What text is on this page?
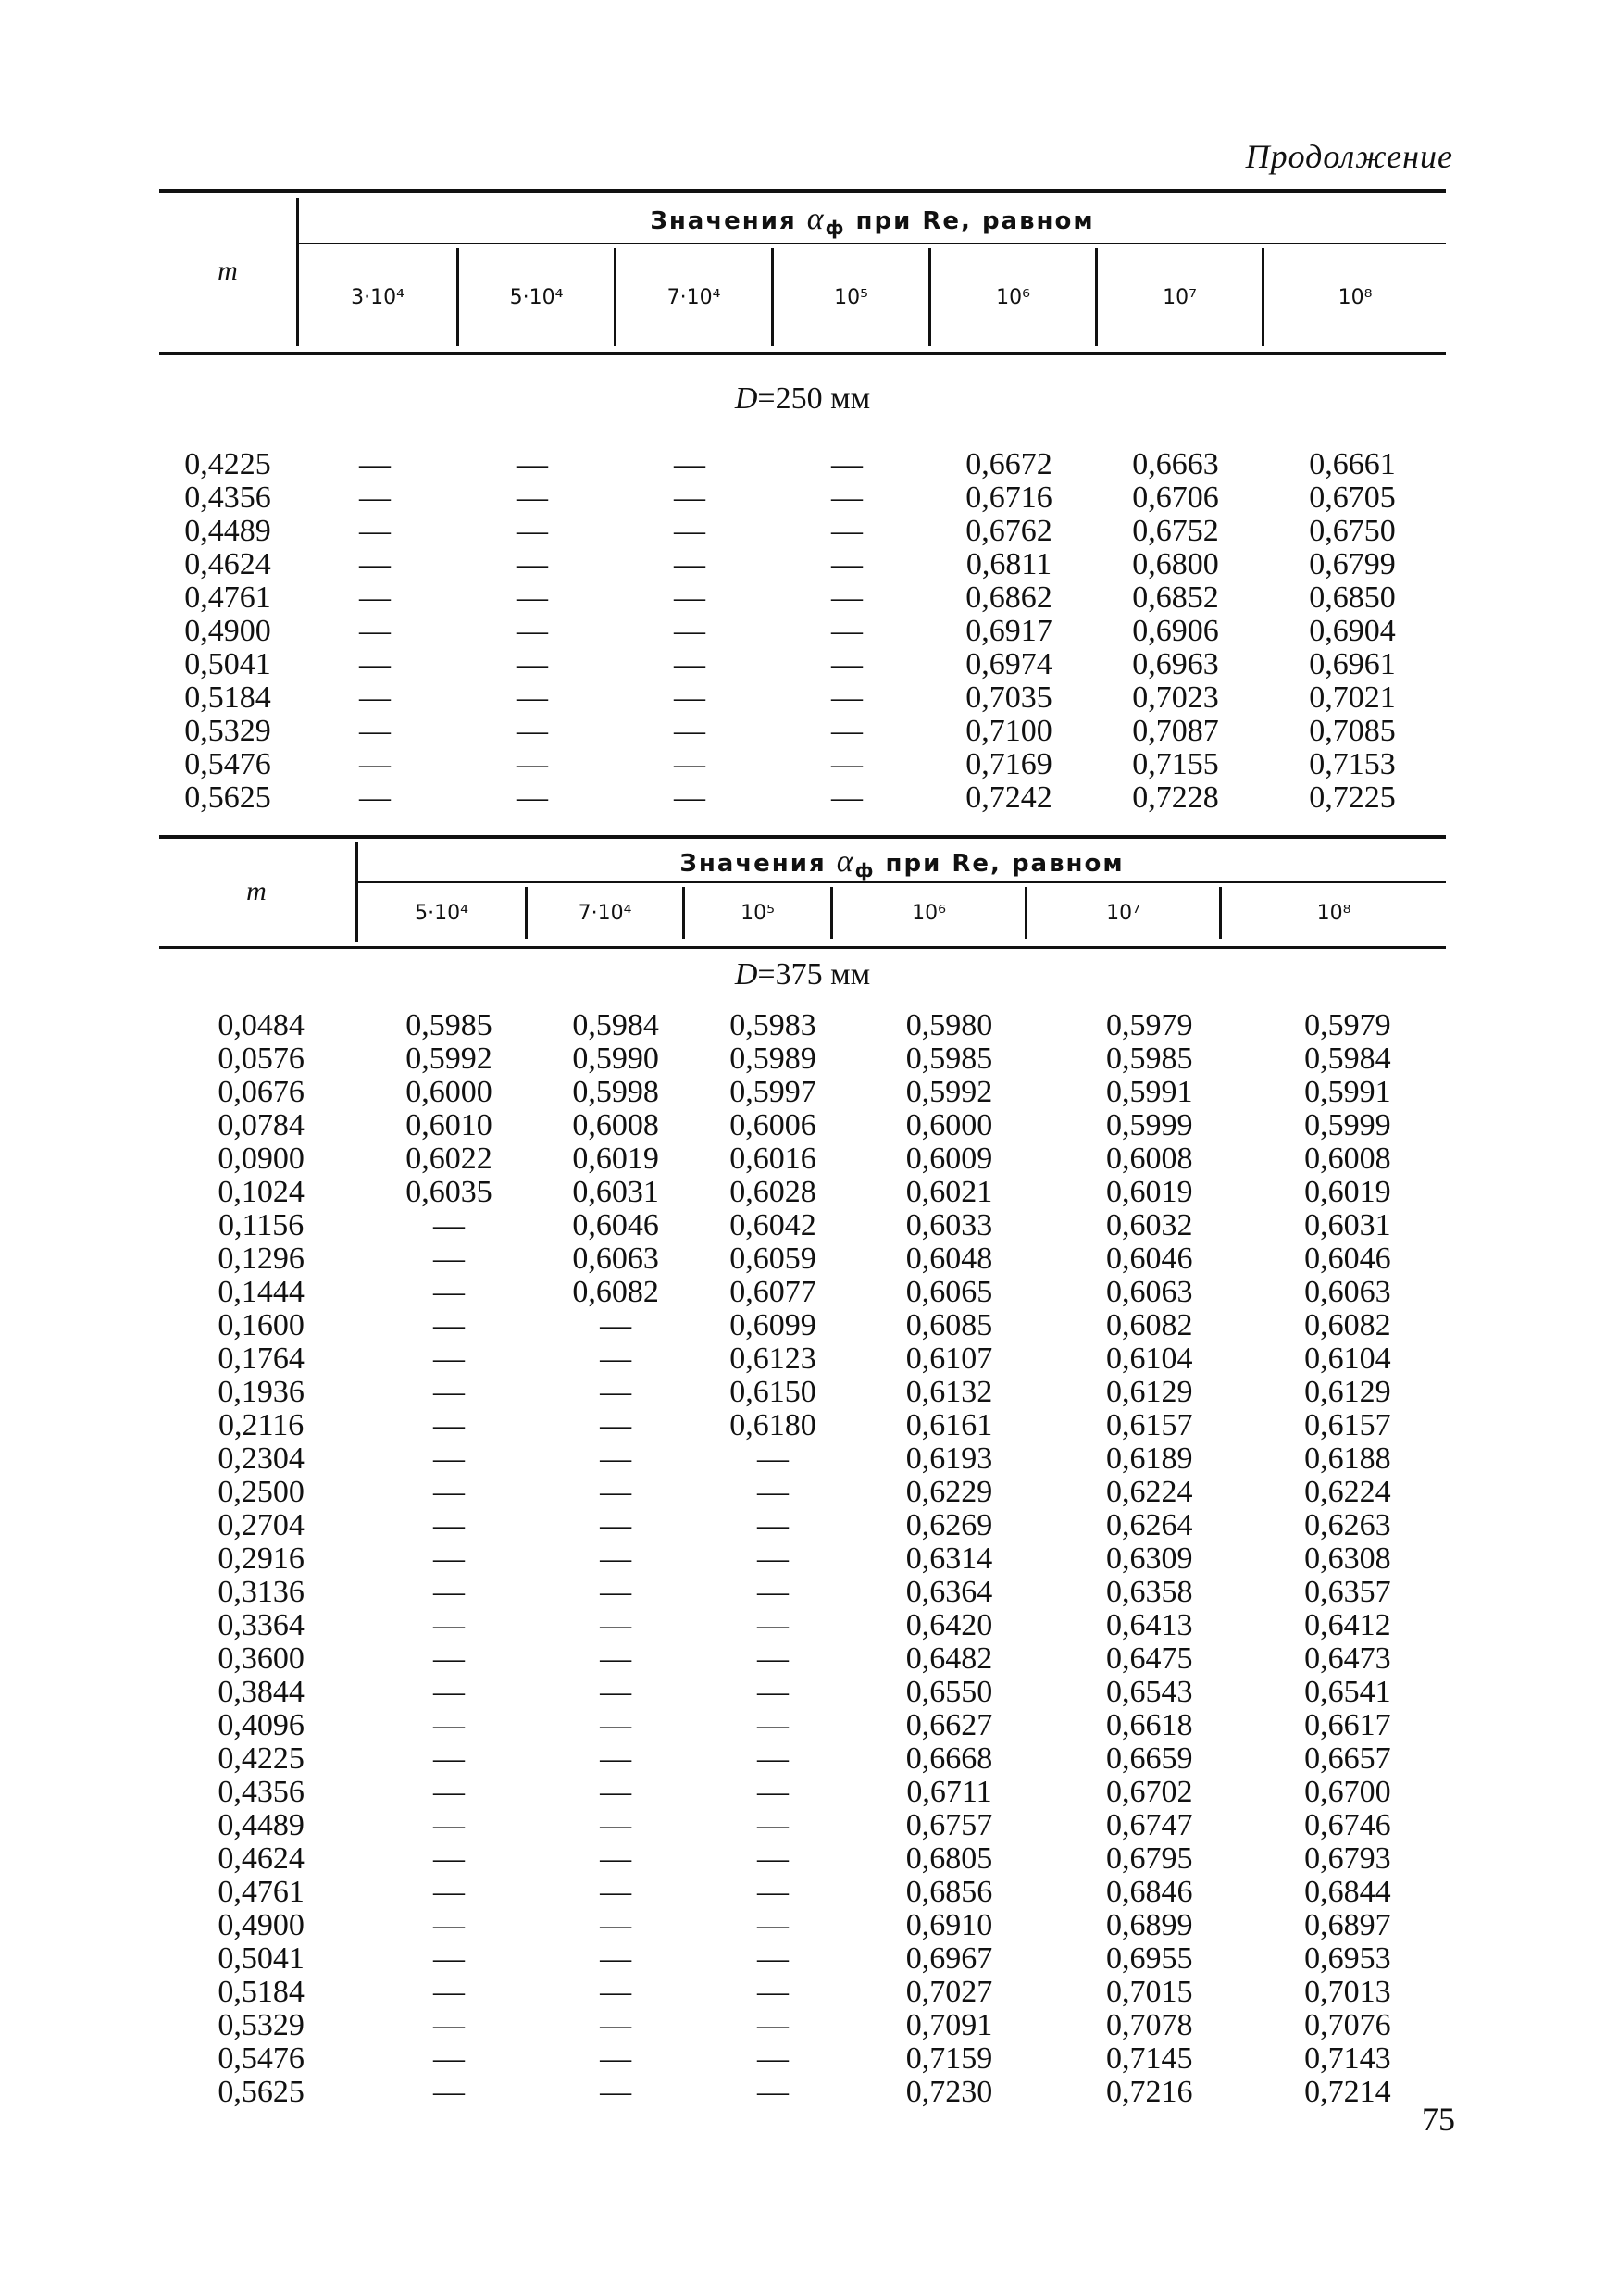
Продолжение
m
Значения $\alpha_ф$ при Re, равном
3·10⁴	5·10⁴	7·10⁴	10⁵	10⁶	10⁷	10⁸
D=250 мм
0,4225	—	—	—	—	0,6672	0,6663	0,6661
0,4356	—	—	—	—	0,6716	0,6706	0,6705
0,4489	—	—	—	—	0,6762	0,6752	0,6750
0,4624	—	—	—	—	0,6811	0,6800	0,6799
0,4761	—	—	—	—	0,6862	0,6852	0,6850
0,4900	—	—	—	—	0,6917	0,6906	0,6904
0,5041	—	—	—	—	0,6974	0,6963	0,6961
0,5184	—	—	—	—	0,7035	0,7023	0,7021
0,5329	—	—	—	—	0,7100	0,7087	0,7085
0,5476	—	—	—	—	0,7169	0,7155	0,7153
0,5625	—	—	—	—	0,7242	0,7228	0,7225
m
Значения $\alpha_ф$ при Re, равном
5·10⁴	7·10⁴	10⁵	10⁶	10⁷	10⁸
D=375 мм
0,0484	0,5985	0,5984	0,5983	0,5980	0,5979	0,5979
0,0576	0,5992	0,5990	0,5989	0,5985	0,5985	0,5984
0,0676	0,6000	0,5998	0,5997	0,5992	0,5991	0,5991
0,0784	0,6010	0,6008	0,6006	0,6000	0,5999	0,5999
0,0900	0,6022	0,6019	0,6016	0,6009	0,6008	0,6008
0,1024	0,6035	0,6031	0,6028	0,6021	0,6019	0,6019
0,1156	—	0,6046	0,6042	0,6033	0,6032	0,6031
0,1296	—	0,6063	0,6059	0,6048	0,6046	0,6046
0,1444	—	0,6082	0,6077	0,6065	0,6063	0,6063
0,1600	—	—	0,6099	0,6085	0,6082	0,6082
0,1764	—	—	0,6123	0,6107	0,6104	0,6104
0,1936	—	—	0,6150	0,6132	0,6129	0,6129
0,2116	—	—	0,6180	0,6161	0,6157	0,6157
0,2304	—	—	—	0,6193	0,6189	0,6188
0,2500	—	—	—	0,6229	0,6224	0,6224
0,2704	—	—	—	0,6269	0,6264	0,6263
0,2916	—	—	—	0,6314	0,6309	0,6308
0,3136	—	—	—	0,6364	0,6358	0,6357
0,3364	—	—	—	0,6420	0,6413	0,6412
0,3600	—	—	—	0,6482	0,6475	0,6473
0,3844	—	—	—	0,6550	0,6543	0,6541
0,4096	—	—	—	0,6627	0,6618	0,6617
0,4225	—	—	—	0,6668	0,6659	0,6657
0,4356	—	—	—	0,6711	0,6702	0,6700
0,4489	—	—	—	0,6757	0,6747	0,6746
0,4624	—	—	—	0,6805	0,6795	0,6793
0,4761	—	—	—	0,6856	0,6846	0,6844
0,4900	—	—	—	0,6910	0,6899	0,6897
0,5041	—	—	—	0,6967	0,6955	0,6953
0,5184	—	—	—	0,7027	0,7015	0,7013
0,5329	—	—	—	0,7091	0,7078	0,7076
0,5476	—	—	—	0,7159	0,7145	0,7143
0,5625	—	—	—	0,7230	0,7216	0,7214
75
